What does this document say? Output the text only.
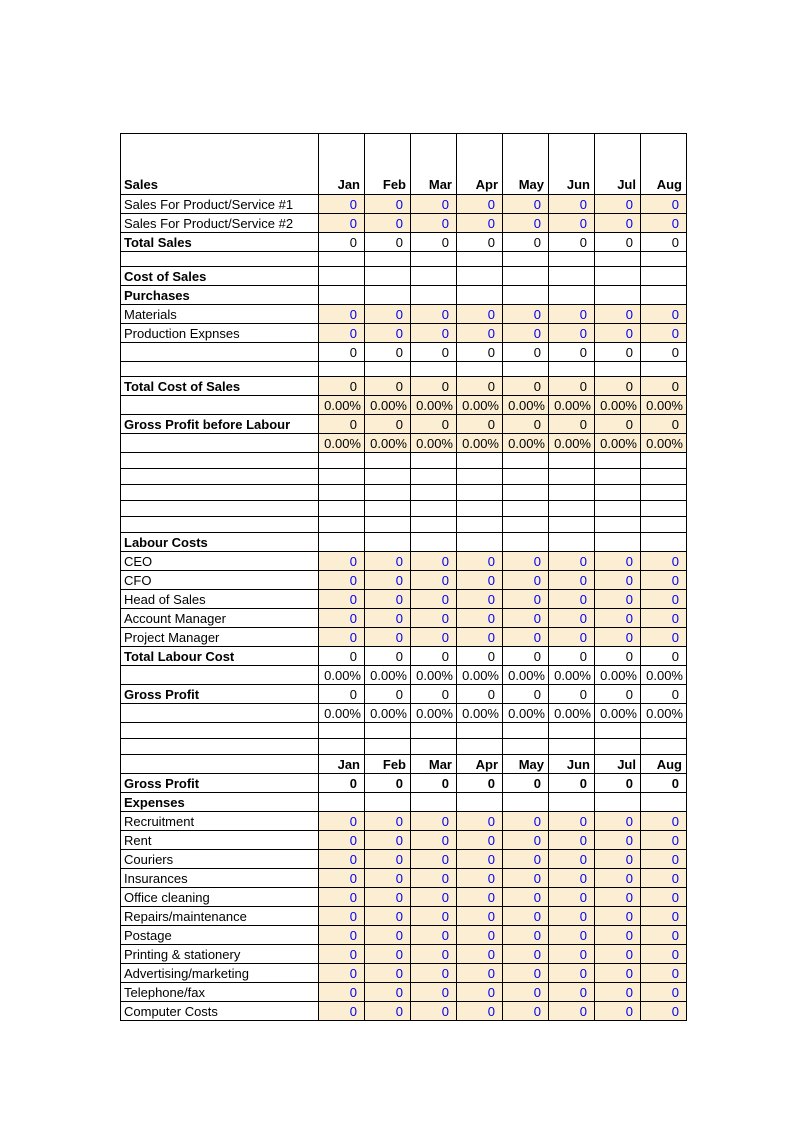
Sales	Jan	Feb	Mar	Apr	May	Jun	Jul	Aug
Sales For Product/Service #1	0	0	0	0	0	0	0	0
Sales For Product/Service #2	0	0	0	0	0	0	0	0
Total Sales	0	0	0	0	0	0	0	0

Cost of Sales								
Purchases								
Materials	0	0	0	0	0	0	0	0
Production Expnses	0	0	0	0	0	0	0	0
	0	0	0	0	0	0	0	0

Total Cost of Sales	0	0	0	0	0	0	0	0
	0.00%	0.00%	0.00%	0.00%	0.00%	0.00%	0.00%	0.00%
Gross Profit before Labour	0	0	0	0	0	0	0	0
	0.00%	0.00%	0.00%	0.00%	0.00%	0.00%	0.00%	0.00%

Labour Costs								
CEO	0	0	0	0	0	0	0	0
CFO	0	0	0	0	0	0	0	0
Head of Sales	0	0	0	0	0	0	0	0
Account Manager	0	0	0	0	0	0	0	0
Project Manager	0	0	0	0	0	0	0	0
Total Labour Cost	0	0	0	0	0	0	0	0
	0.00%	0.00%	0.00%	0.00%	0.00%	0.00%	0.00%	0.00%
Gross Profit	0	0	0	0	0	0	0	0
	0.00%	0.00%	0.00%	0.00%	0.00%	0.00%	0.00%	0.00%

	Jan	Feb	Mar	Apr	May	Jun	Jul	Aug
Gross Profit	0	0	0	0	0	0	0	0
Expenses								
Recruitment	0	0	0	0	0	0	0	0
Rent	0	0	0	0	0	0	0	0
Couriers	0	0	0	0	0	0	0	0
Insurances	0	0	0	0	0	0	0	0
Office cleaning	0	0	0	0	0	0	0	0
Repairs/maintenance	0	0	0	0	0	0	0	0
Postage	0	0	0	0	0	0	0	0
Printing & stationery	0	0	0	0	0	0	0	0
Advertising/marketing	0	0	0	0	0	0	0	0
Telephone/fax	0	0	0	0	0	0	0	0
Computer Costs	0	0	0	0	0	0	0	0
